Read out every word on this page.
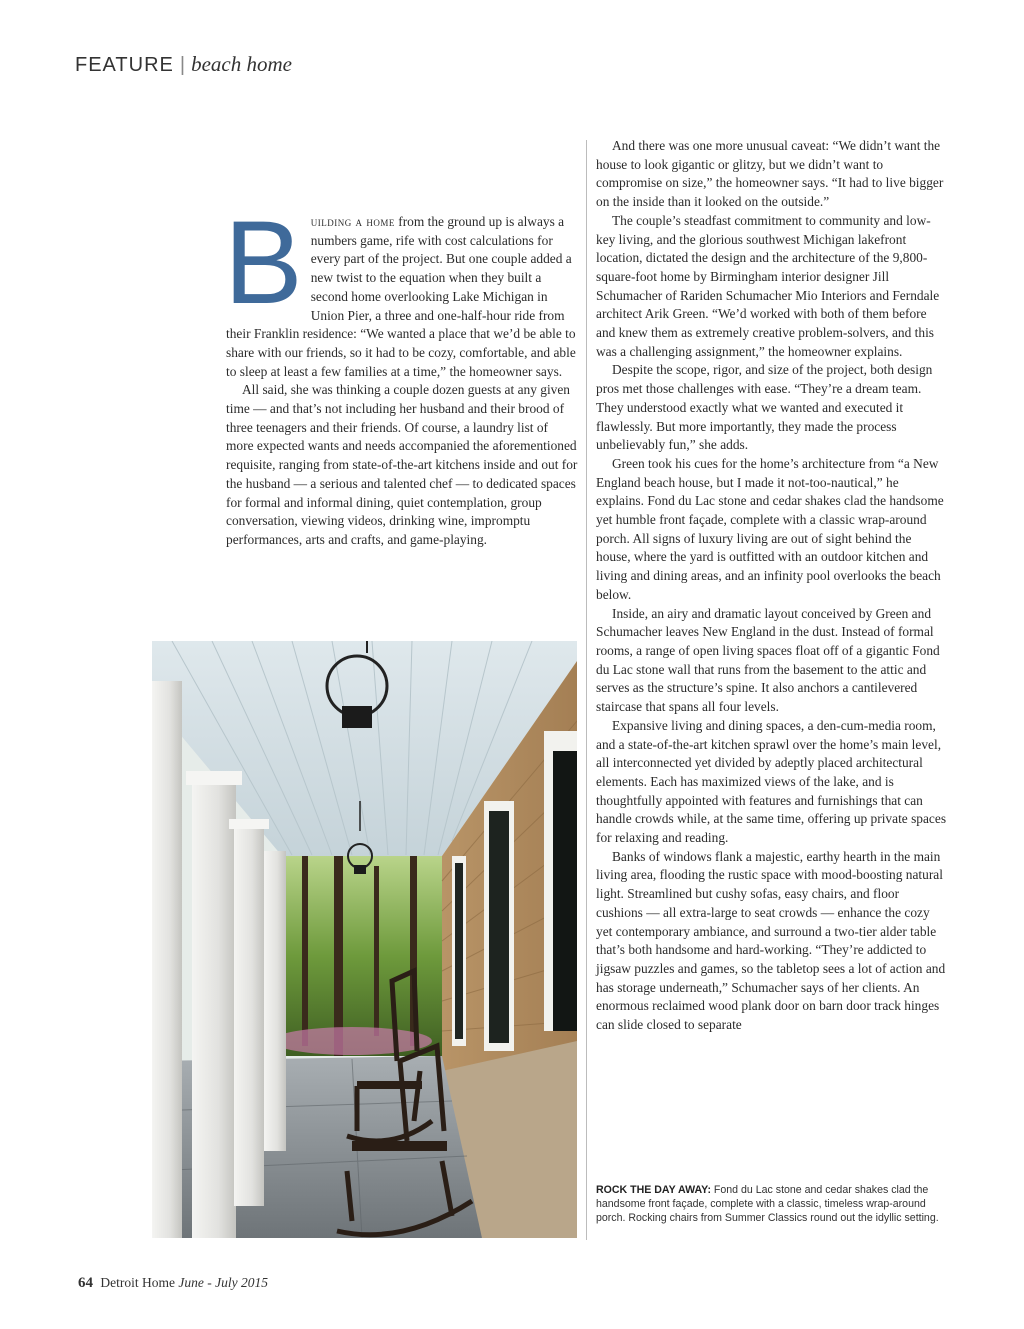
FEATURE | beach home

Building a home from the ground up is always a numbers game, rife with cost calculations for every part of the project. But one couple added a new twist to the equation when they built a second home overlooking Lake Michigan in Union Pier, a three and one-half-hour ride from their Franklin residence: “We wanted a place that we’d be able to share with our friends, so it had to be cozy, comfortable, and able to sleep at least a few families at a time,” the homeowner says.

All said, she was thinking a couple dozen guests at any given time — and that’s not including her husband and their brood of three teenagers and their friends. Of course, a laundry list of more expected wants and needs accompanied the aforementioned requisite, ranging from state-of-the-art kitchens inside and out for the husband — a serious and talented chef — to dedicated spaces for formal and informal dining, quiet contemplation, group conversation, viewing videos, drinking wine, impromptu performances, arts and crafts, and game-playing.

And there was one more unusual caveat: “We didn’t want the house to look gigantic or glitzy, but we didn’t want to compromise on size,” the homeowner says. “It had to live bigger on the inside than it looked on the outside.”

The couple’s steadfast commitment to community and low-key living, and the glorious southwest Michigan lakefront location, dictated the design and the architecture of the 9,800-square-foot home by Birmingham interior designer Jill Schumacher of Rariden Schumacher Mio Interiors and Ferndale architect Arik Green. “We’d worked with both of them before and knew them as extremely creative problem-solvers, and this was a challenging assignment,” the homeowner explains.

Despite the scope, rigor, and size of the project, both design pros met those challenges with ease. “They’re a dream team. They understood exactly what we wanted and executed it flawlessly. But more importantly, they made the process unbelievably fun,” she adds.

Green took his cues for the home’s architecture from “a New England beach house, but I made it not-too-nautical,” he explains. Fond du Lac stone and cedar shakes clad the handsome yet humble front façade, complete with a classic wrap-around porch. All signs of luxury living are out of sight behind the house, where the yard is outfitted with an outdoor kitchen and living and dining areas, and an infinity pool overlooks the beach below.

Inside, an airy and dramatic layout conceived by Green and Schumacher leaves New England in the dust. Instead of formal rooms, a range of open living spaces float off of a gigantic Fond du Lac stone wall that runs from the basement to the attic and serves as the structure’s spine. It also anchors a cantilevered staircase that spans all four levels.

Expansive living and dining spaces, a den-cum-media room, and a state-of-the-art kitchen sprawl over the home’s main level, all interconnected yet divided by adeptly placed architectural elements. Each has maximized views of the lake, and is thoughtfully appointed with features and furnishings that can handle crowds while, at the same time, offering up private spaces for relaxing and reading.

Banks of windows flank a majestic, earthy hearth in the main living area, flooding the rustic space with mood-boosting natural light. Streamlined but cushy sofas, easy chairs, and floor cushions — all extra-large to seat crowds — enhance the cozy yet contemporary ambiance, and surround a two-tier alder table that’s both handsome and hard-working. “They’re addicted to jigsaw puzzles and games, so the tabletop sees a lot of action and has storage underneath,” Schumacher says of her clients. An enormous reclaimed wood plank door on barn door track hinges can slide closed to separate

ROCK THE DAY AWAY: Fond du Lac stone and cedar shakes clad the handsome front façade, complete with a classic, timeless wrap-around porch. Rocking chairs from Summer Classics round out the idyllic setting.
64 Detroit Home June - July 2015
